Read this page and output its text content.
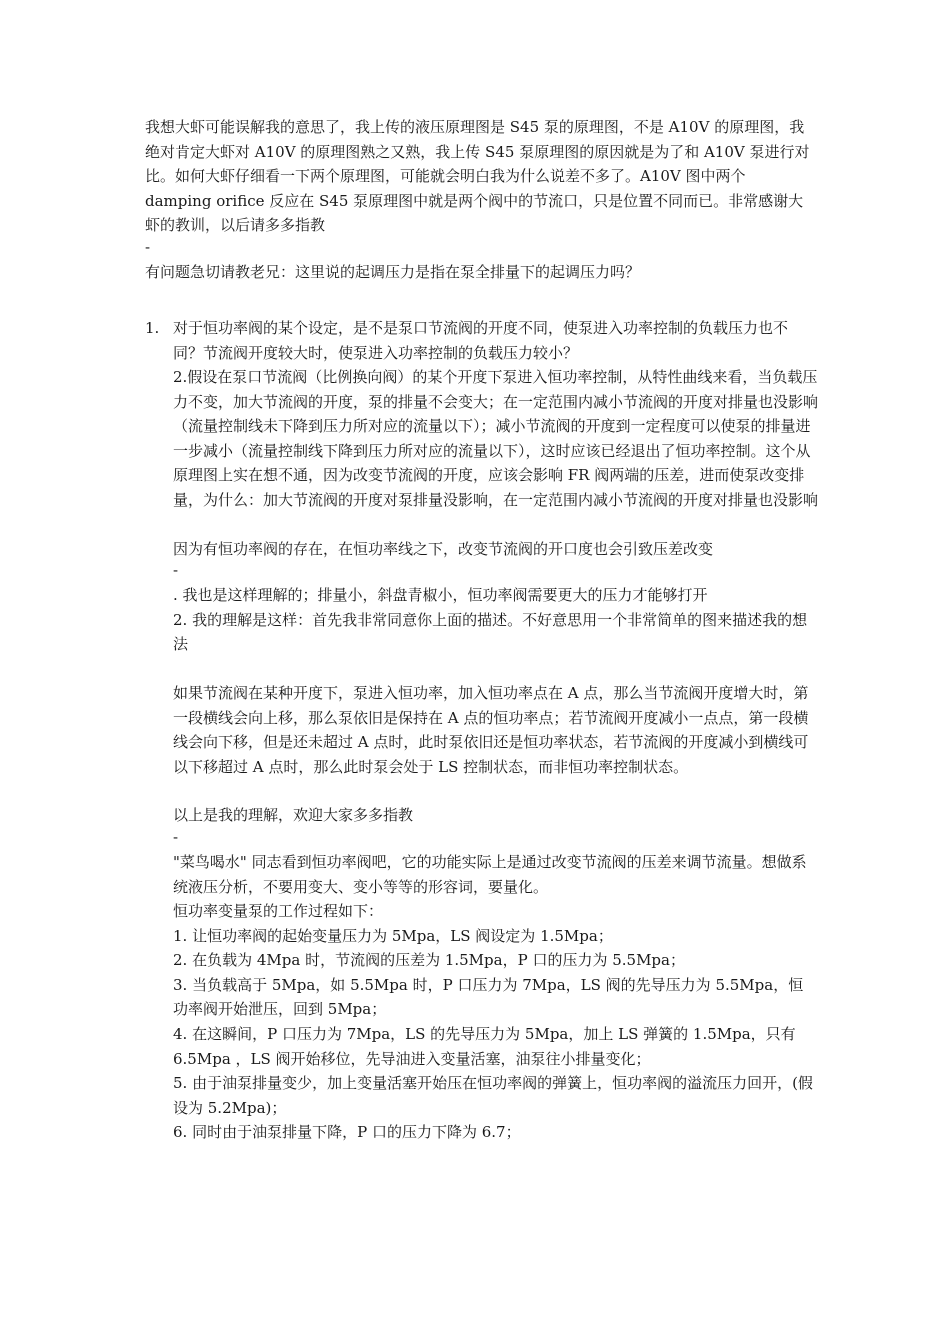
我想大虾可能误解我的意思了，我上传的液压原理图是 S45 泵的原理图，不是 A10V 的原理图，我绝对肯定大虾对 A10V 的原理图熟之又熟，我上传 S45 泵原理图的原因就是为了和 A10V 泵进行对比。如何大虾仔细看一下两个原理图，可能就会明白我为什么说差不多了。A10V 图中两个 damping orifice 反应在 S45 泵原理图中就是两个阀中的节流口，只是位置不同而已。非常感谢大虾的教训，以后请多多指教

-

有问题急切请教老兄：这里说的起调压力是指在泵全排量下的起调压力吗？

1. 对于恒功率阀的某个设定，是不是泵口节流阀的开度不同，使泵进入功率控制的负载压力也不同？节流阀开度较大时，使泵进入功率控制的负载压力较小？

2.假设在泵口节流阀（比例换向阀）的某个开度下泵进入恒功率控制，从特性曲线来看，当负载压力不变，加大节流阀的开度，泵的排量不会变大；在一定范围内减小节流阀的开度对排量也没影响（流量控制线未下降到压力所对应的流量以下）；减小节流阀的开度到一定程度可以使泵的排量进一步减小（流量控制线下降到压力所对应的流量以下），这时应该已经退出了恒功率控制。这个从原理图上实在想不通，因为改变节流阀的开度，应该会影响 FR 阀两端的压差，进而使泵改变排量，为什么：加大节流阀的开度对泵排量没影响，在一定范围内减小节流阀的开度对排量也没影响

因为有恒功率阀的存在，在恒功率线之下，改变节流阀的开口度也会引致压差改变

-

. 我也是这样理解的；排量小，斜盘青椒小，恒功率阀需要更大的压力才能够打开

2. 我的理解是这样：首先我非常同意你上面的描述。不好意思用一个非常简单的图来描述我的想法

如果节流阀在某种开度下，泵进入恒功率，加入恒功率点在 A 点，那么当节流阀开度增大时，第一段横线会向上移，那么泵依旧是保持在 A 点的恒功率点；若节流阀开度减小一点点，第一段横线会向下移，但是还未超过 A 点时，此时泵依旧还是恒功率状态，若节流阀的开度减小到横线可以下移超过 A 点时，那么此时泵会处于 LS 控制状态，而非恒功率控制状态。

以上是我的理解，欢迎大家多多指教

-

"菜鸟喝水" 同志看到恒功率阀吧，它的功能实际上是通过改变节流阀的压差来调节流量。想做系统液压分析，不要用变大、变小等等的形容词，要量化。

恒功率变量泵的工作过程如下：

1. 让恒功率阀的起始变量压力为 5Mpa，LS 阀设定为 1.5Mpa；

2. 在负载为 4Mpa 时，节流阀的压差为 1.5Mpa，P 口的压力为 5.5Mpa；

3. 当负载高于 5Mpa，如 5.5Mpa 时，P 口压力为 7Mpa，LS 阀的先导压力为 5.5Mpa，恒功率阀开始泄压，回到 5Mpa；

4. 在这瞬间，P 口压力为 7Mpa，LS 的先导压力为 5Mpa，加上 LS 弹簧的 1.5Mpa，只有 6.5Mpa ，LS 阀开始移位，先导油进入变量活塞，油泵往小排量变化；

5. 由于油泵排量变少，加上变量活塞开始压在恒功率阀的弹簧上，恒功率阀的溢流压力回开，(假设为 5.2Mpa)；

6. 同时由于油泵排量下降，P 口的压力下降为 6.7；
